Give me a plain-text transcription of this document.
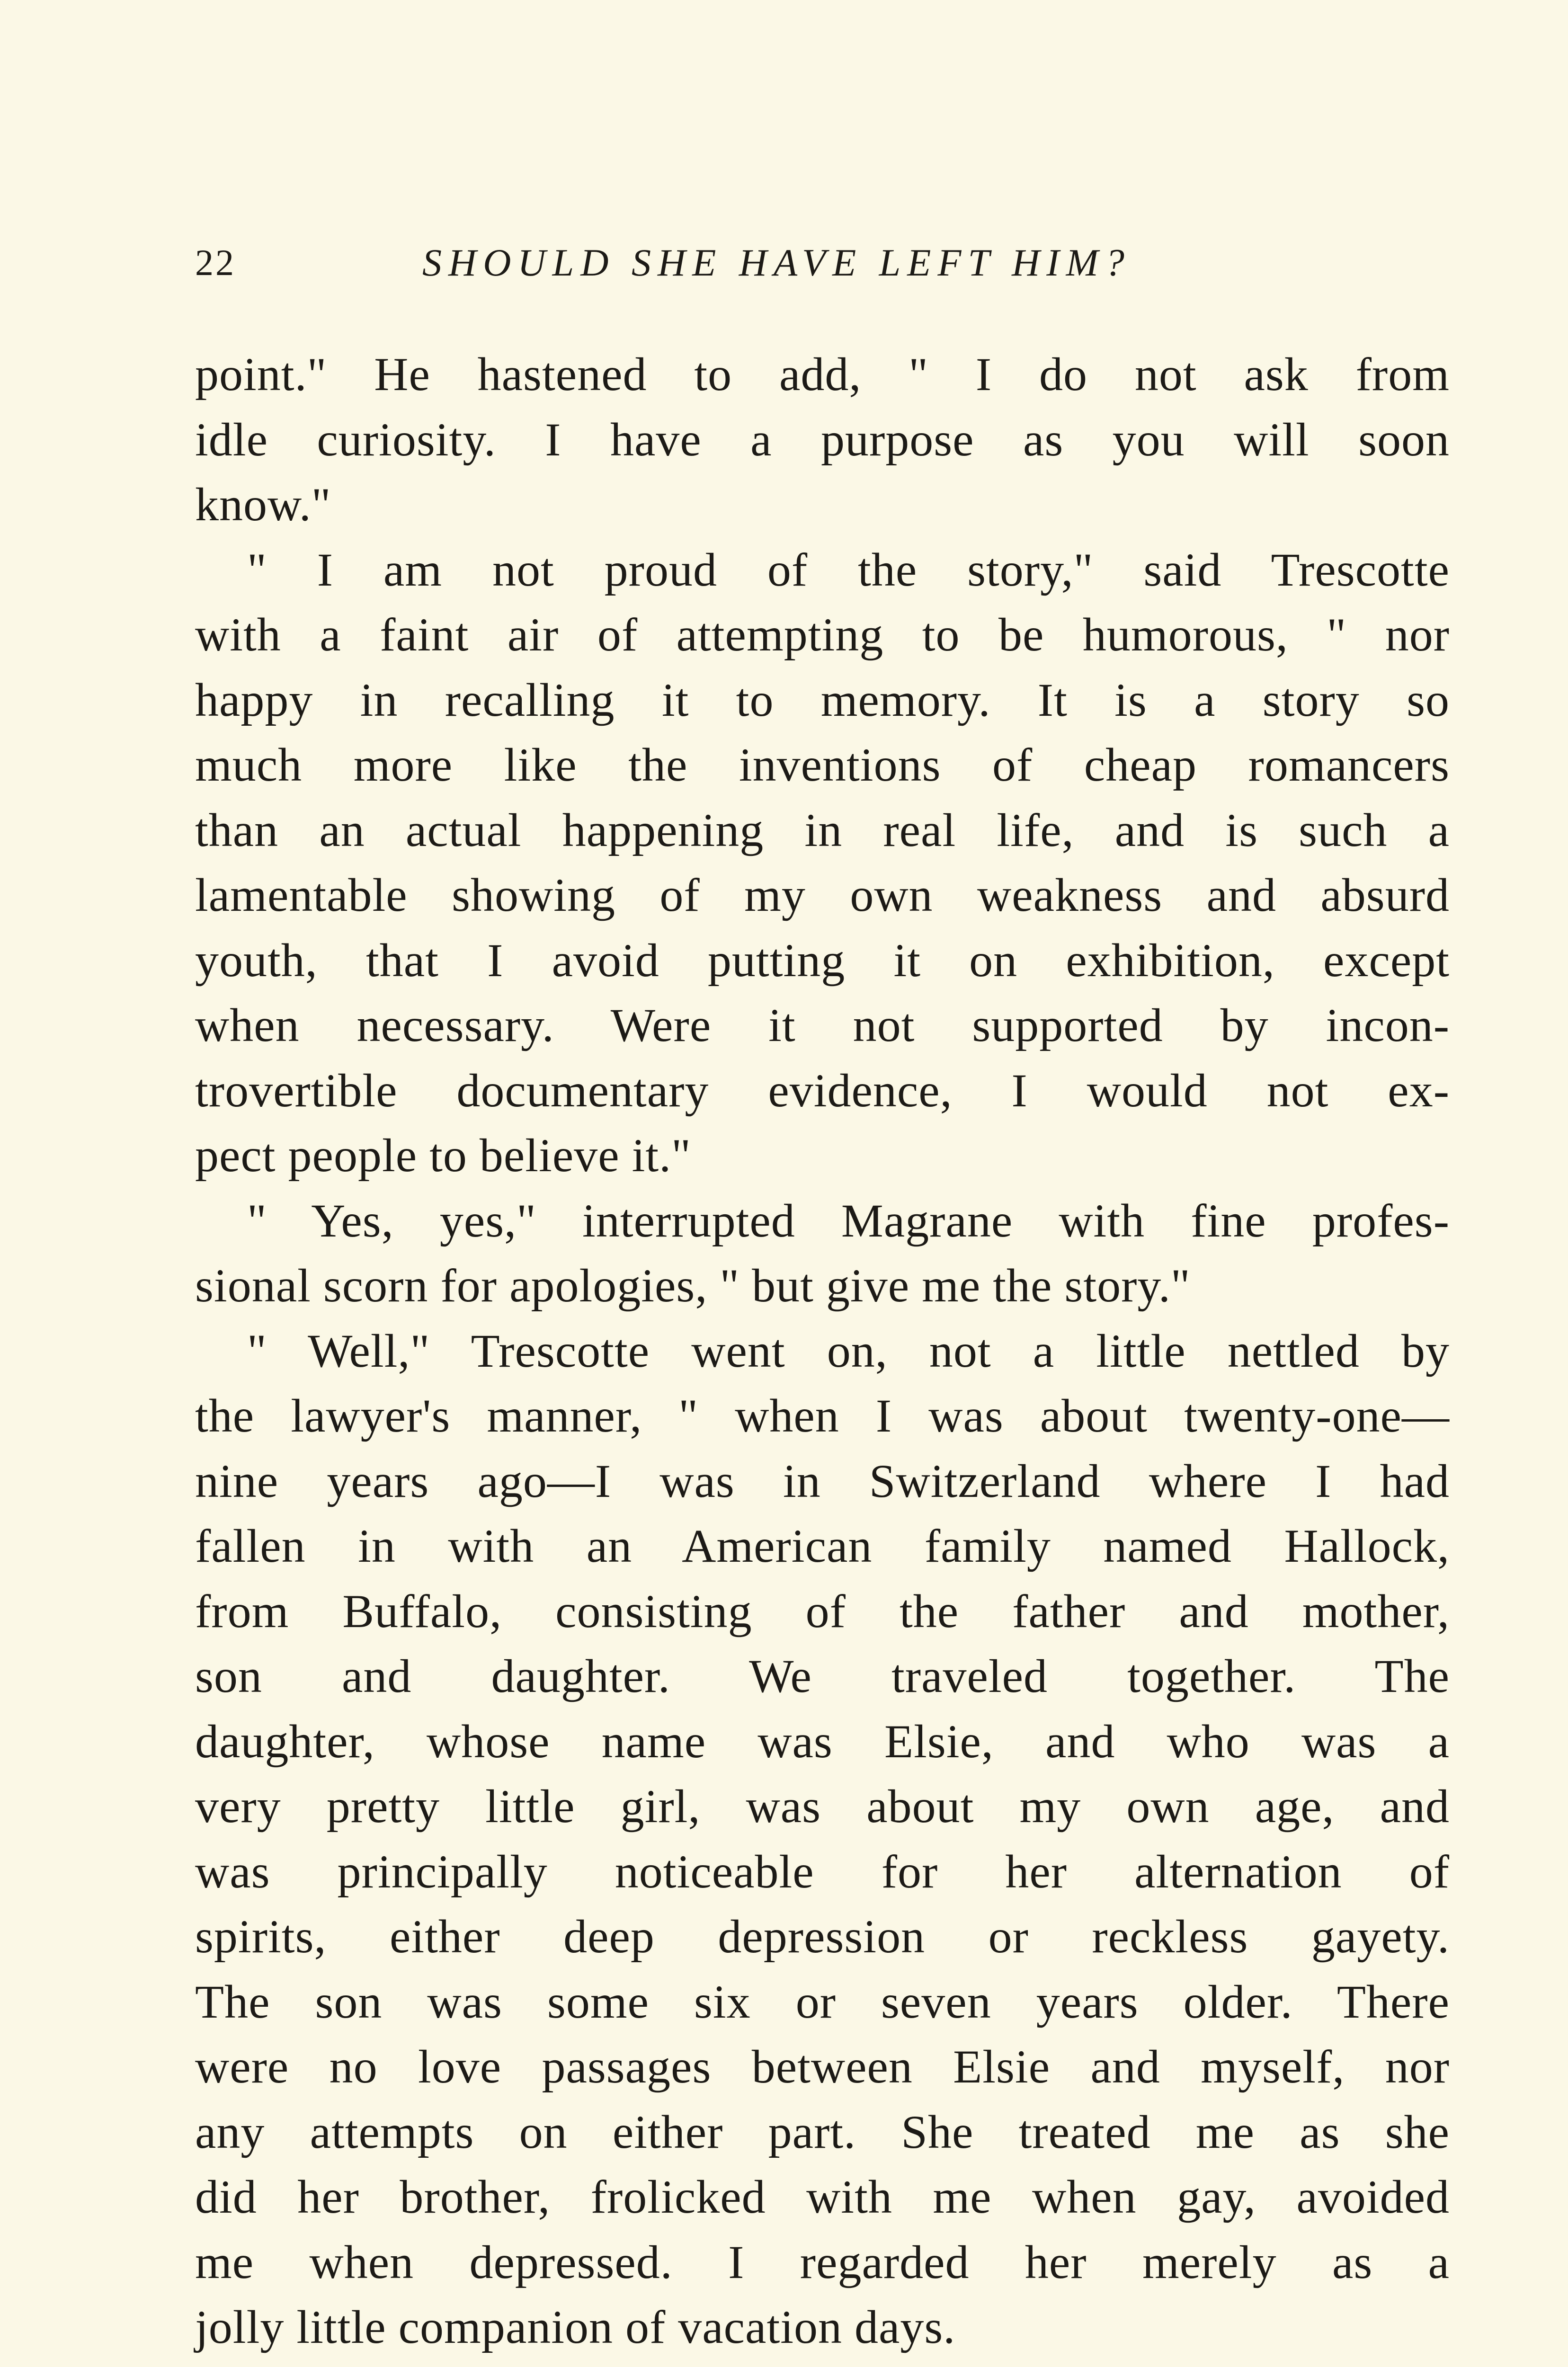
22	SHOULD SHE HAVE LEFT HIM?
point." He hastened to add, " I do not ask from
idle curiosity. I have a purpose as you will soon
know."
" I am not proud of the story," said Trescotte
with a faint air of attempting to be humorous, " nor
happy in recalling it to memory. It is a story so
much more like the inventions of cheap romancers
than an actual happening in real life, and is such a
lamentable showing of my own weakness and absurd
youth, that I avoid putting it on exhibition, except
when necessary. Were it not supported by incon-
trovertible documentary evidence, I would not ex-
pect people to believe it."
" Yes, yes," interrupted Magrane with fine profes-
sional scorn for apologies, " but give me the story."
" Well," Trescotte went on, not a little nettled by
the lawyer's manner, " when I was about twenty-one—
nine years ago—I was in Switzerland where I had
fallen in with an American family named Hallock,
from Buffalo, consisting of the father and mother,
son and daughter. We traveled together. The
daughter, whose name was Elsie, and who was a
very pretty little girl, was about my own age, and
was principally noticeable for her alternation of
spirits, either deep depression or reckless gayety.
The son was some six or seven years older. There
were no love passages between Elsie and myself, nor
any attempts on either part. She treated me as she
did her brother, frolicked with me when gay, avoided
me when depressed. I regarded her merely as a
jolly little companion of vacation days.
